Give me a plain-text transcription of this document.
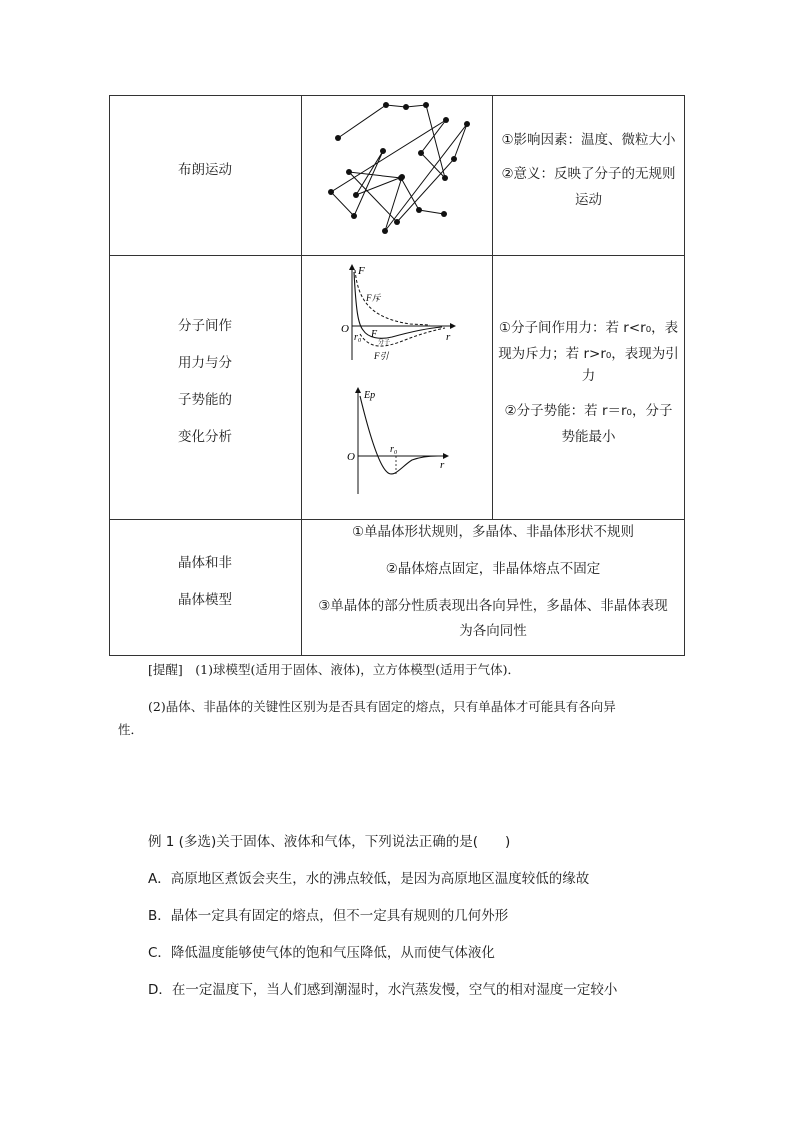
布朗运动
①影响因素：温度、微粒大小
②意义：反映了分子的无规则
运动
分子间作
用力与分
子势能的
变化分析
F
O
r
r₀
F斥
F
分子
F引
Ep
O
r
r₀
①分子间作用力：若 r<r₀，表
现为斥力；若 r>r₀，表现为引
力
②分子势能：若 r＝r₀，分子
势能最小
晶体和非
晶体模型
①单晶体形状规则，多晶体、非晶体形状不规则
②晶体熔点固定，非晶体熔点不固定
③单晶体的部分性质表现出各向异性，多晶体、非晶体表现
为各向同性
[提醒]　(1)球模型(适用于固体、液体)，立方体模型(适用于气体)．
(2)晶体、非晶体的关键性区别为是否具有固定的熔点，只有单晶体才可能具有各向异
性．
例 1 (多选)关于固体、液体和气体，下列说法正确的是(　　)
A．高原地区煮饭会夹生，水的沸点较低，是因为高原地区温度较低的缘故
B．晶体一定具有固定的熔点，但不一定具有规则的几何外形
C．降低温度能够使气体的饱和气压降低，从而使气体液化
D．在一定温度下，当人们感到潮湿时，水汽蒸发慢，空气的相对湿度一定较小
